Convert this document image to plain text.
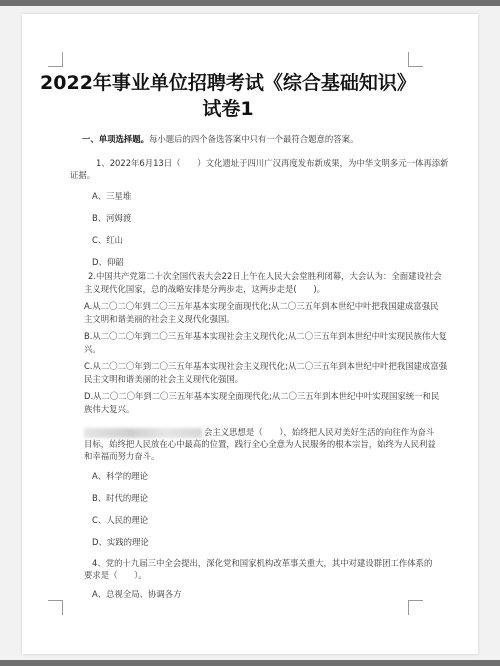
2022年事业单位招聘考试《综合基础知识》
试卷1
一、单项选择题。每小题后的四个备选答案中只有一个最符合题意的答案。
1、2022年6月13日（　　）文化遗址于四川广汉再度发布新成果，为中华文明多元一体再添新
证据。
A、三星堆
B、河姆渡
C、红山
D、仰韶
2.中国共产党第二十次全国代表大会22日上午在人民大会堂胜利闭幕，大会认为：全面建设社会
主义现代化国家，总的战略安排是分两步走，这两步走是(　　)。
A.从二〇二〇年到二〇三五年基本实现全面现代化;从二〇三五年到本世纪中叶把我国建成富强民
主文明和谐美丽的社会主义现代化强国。
B.从二〇二〇年到二〇三五年基本实现社会主义现代化;从二〇三五年到本世纪中叶实现民族伟大复
兴。
C.从二〇二〇年到二〇三五年基本实现社会主义现代化;从二〇三五年到本世纪中叶把我国建成富强
民主文明和谐美丽的社会主义现代化强国。
D.从二〇二〇年到二〇三五年基本实现全面现代化;从二〇三五年到本世纪中叶实现国家统一和民
族伟大复兴。
会主义思想是（　　），始终把人民对美好生活的向往作为奋斗
目标，始终把人民放在心中最高的位置，践行全心全意为人民服务的根本宗旨，始终为人民利益
和幸福而努力奋斗。
A、科学的理论
B、时代的理论
C、人民的理论
D、实践的理论
4、党的十九届三中全会提出，深化党和国家机构改革事关重大，其中对建设群团工作体系的
要求是（　　）。
A、总视全局、协调各方
